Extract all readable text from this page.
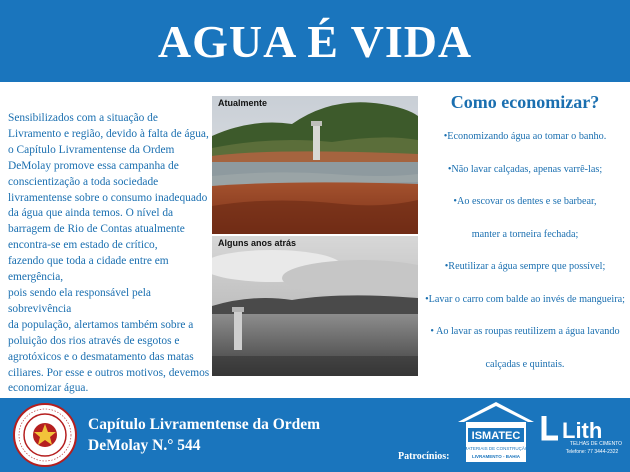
AGUA É VIDA

Sensibilizados com a situação de
Livramento e região, devido à falta de água,
o Capítulo Livramentense da Ordem
DeMolay promove essa campanha de
conscientização a toda sociedade
livramentense sobre o consumo inadequado
da água que ainda temos. O nível da
barragem de Rio de Contas atualmente
encontra-se em estado de crítico,
fazendo que toda a cidade entre em emergência,
pois sendo ela responsável pela sobrevivência
da população, alertamos também sobre a
poluição dos rios através de esgotos e
agrotóxicos e o desmatamento das matas
ciliares. Por esse e outros motivos, devemos
economizar água.

Atualmente
Alguns anos atrás
Como economizar?
•Economizando água ao tomar o banho.
•Não lavar calçadas, apenas varrê-las;
•Ao escovar os dentes e se barbear,
manter a torneira fechada;
•Reutilizar a água sempre que possível;
•Lavar o carro com balde ao invés de mangueira;
• Ao lavar as roupas reutilizem a água lavando
calçadas e quintais.
Capítulo Livramentense da Ordem
DeMolay N.° 544
Patrocínios:
ISMATEC
MATERIAIS DE CONSTRUÇÃO
LIVRAMENTO - BAHIA
Lith
TELHAS DE CIMENTO
Telefone: 77 3444-2322
